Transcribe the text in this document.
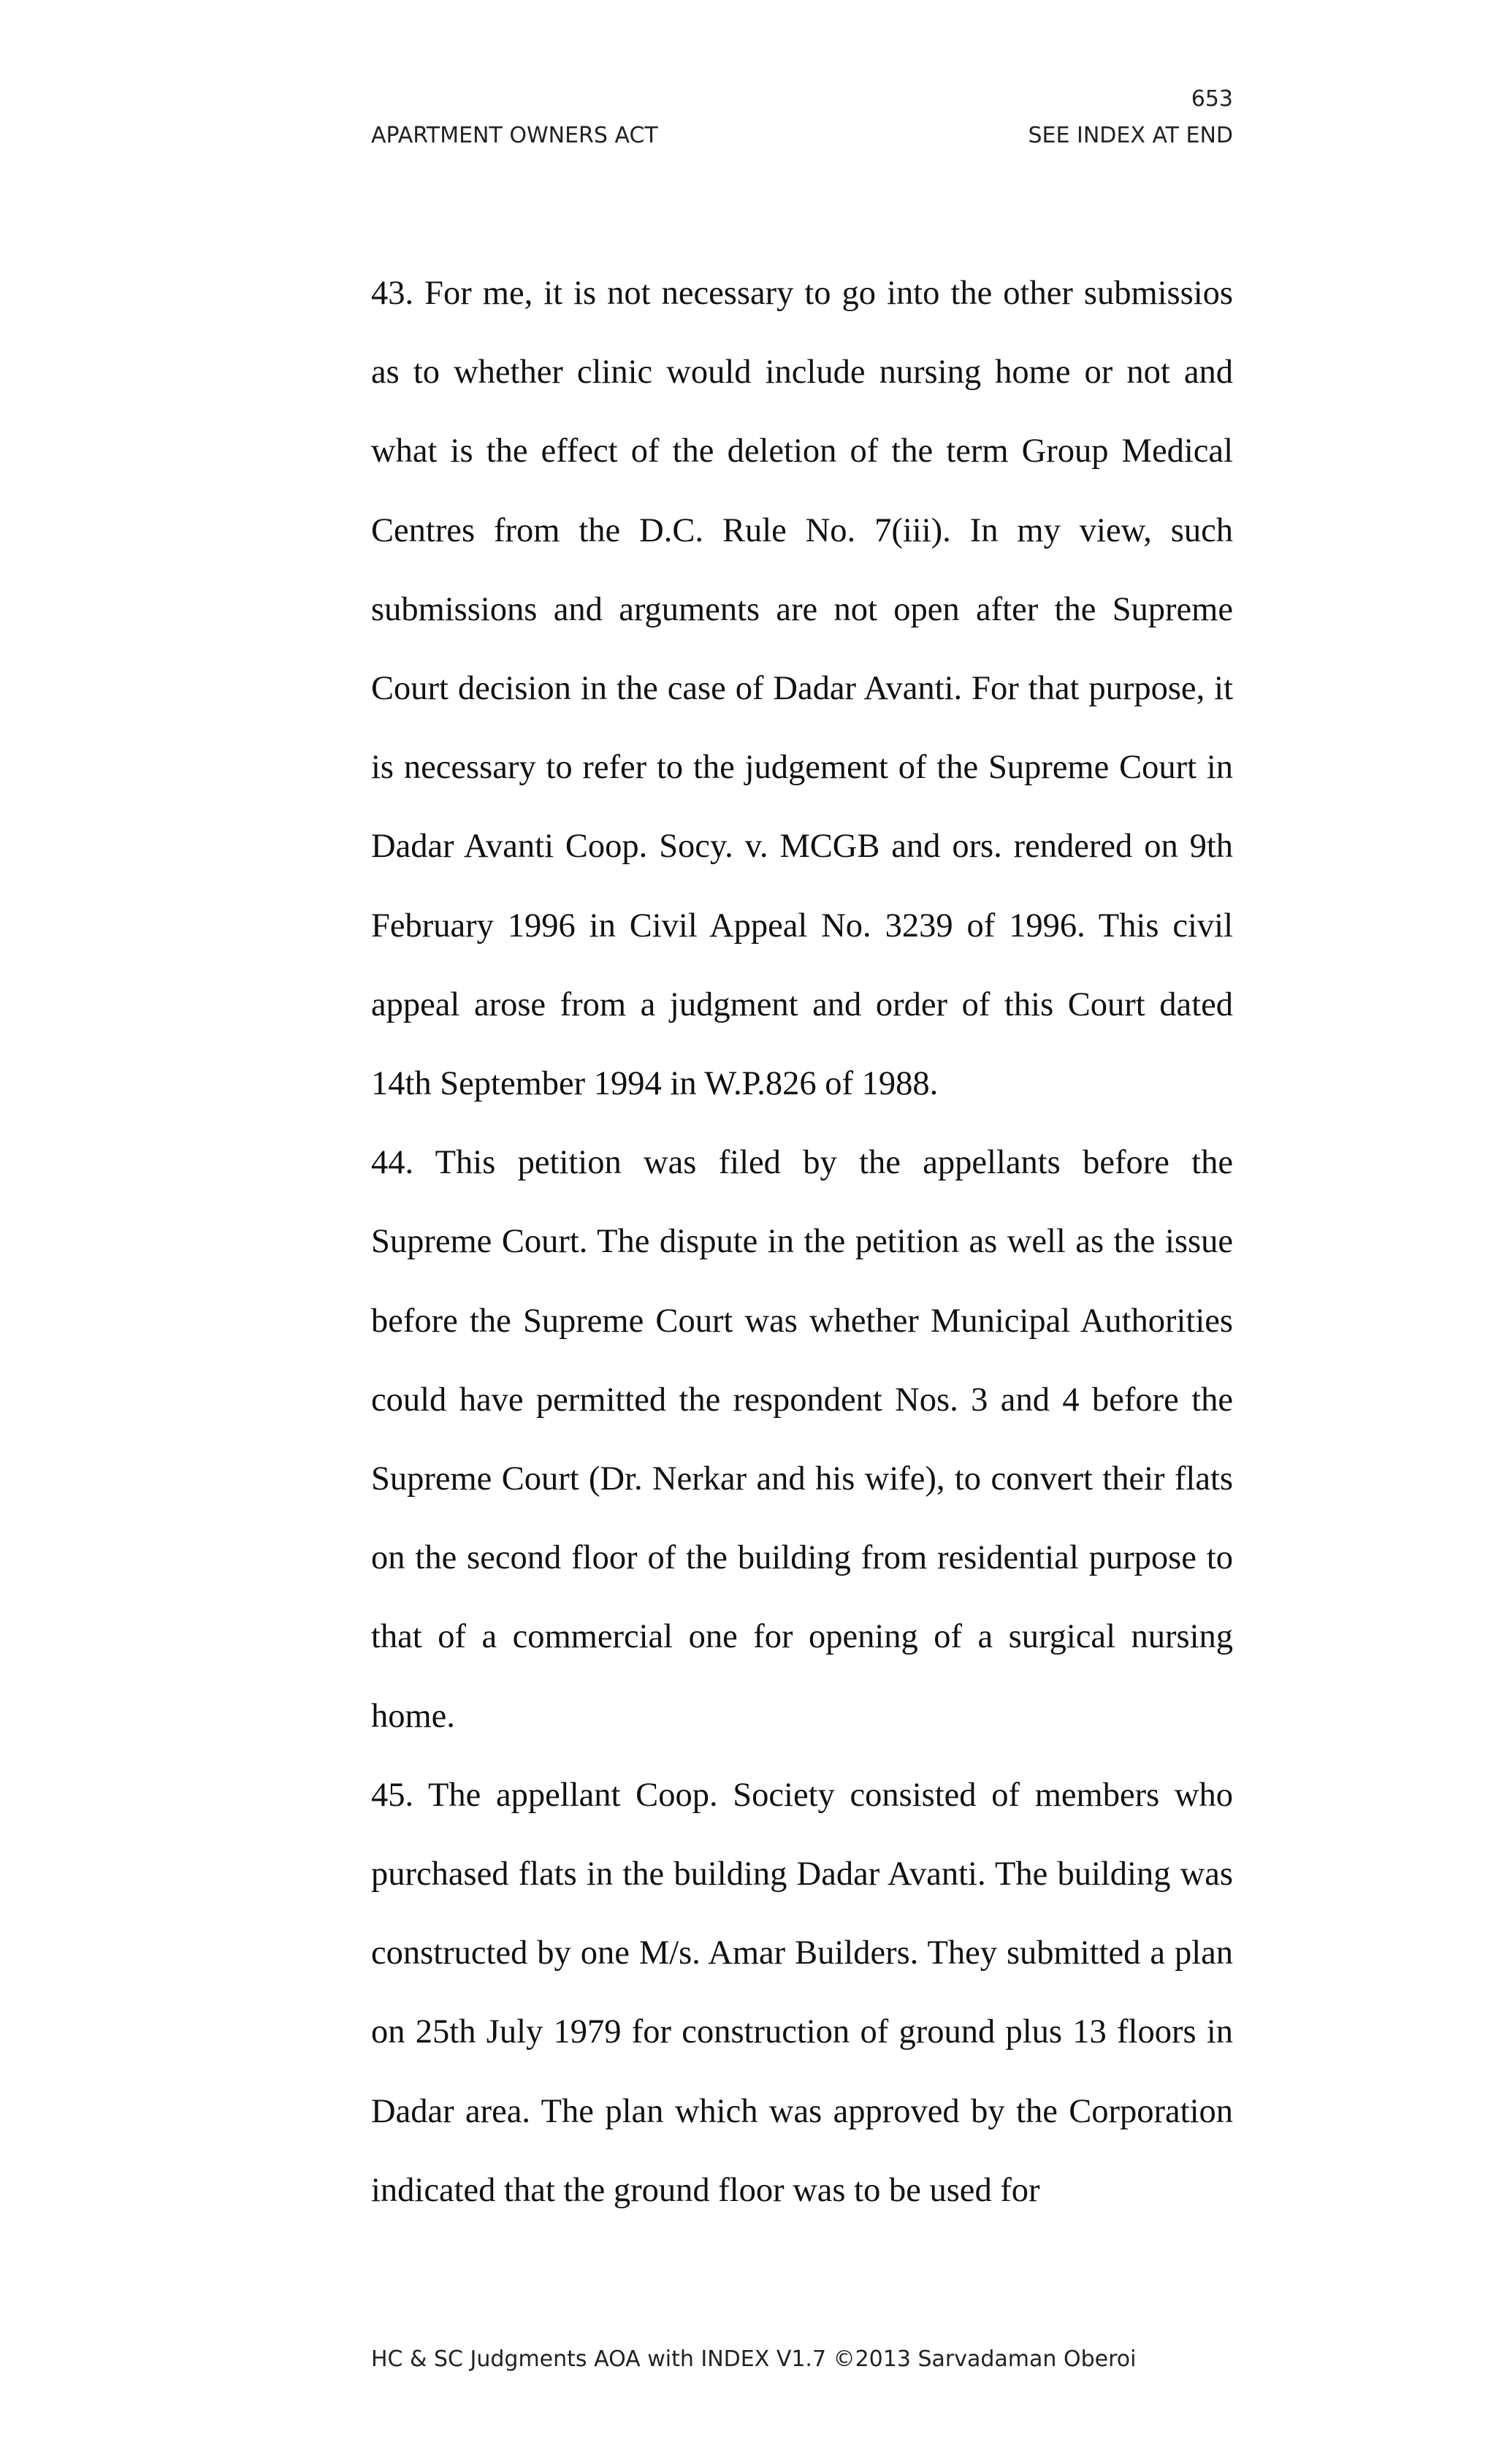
653
APARTMENT OWNERS ACT	SEE INDEX AT END

43. For me, it is not necessary to go into the other submissios as to whether clinic would include nursing home or not and what is the effect of the deletion of the term Group Medical Centres from the D.C. Rule No. 7(iii). In my view, such submissions and arguments are not open after the Supreme Court decision in the case of Dadar Avanti. For that purpose, it is necessary to refer to the judgement of the Supreme Court in Dadar Avanti Coop. Socy. v. MCGB and ors. rendered on 9th February 1996 in Civil Appeal No. 3239 of 1996. This civil appeal arose from a judgment and order of this Court dated 14th September 1994 in W.P.826 of 1988.

44. This petition was filed by the appellants before the Supreme Court. The dispute in the petition as well as the issue before the Supreme Court was whether Municipal Authorities could have permitted the respondent Nos. 3 and 4 before the Supreme Court (Dr. Nerkar and his wife), to convert their flats on the second floor of the building from residential purpose to that of a commercial one for opening of a surgical nursing home.

45. The appellant Coop. Society consisted of members who purchased flats in the building Dadar Avanti. The building was constructed by one M/s. Amar Builders. They submitted a plan on 25th July 1979 for construction of ground plus 13 floors in Dadar area. The plan which was approved by the Corporation indicated that the ground floor was to be used for

HC & SC Judgments AOA with INDEX V1.7 ©2013 Sarvadaman Oberoi
